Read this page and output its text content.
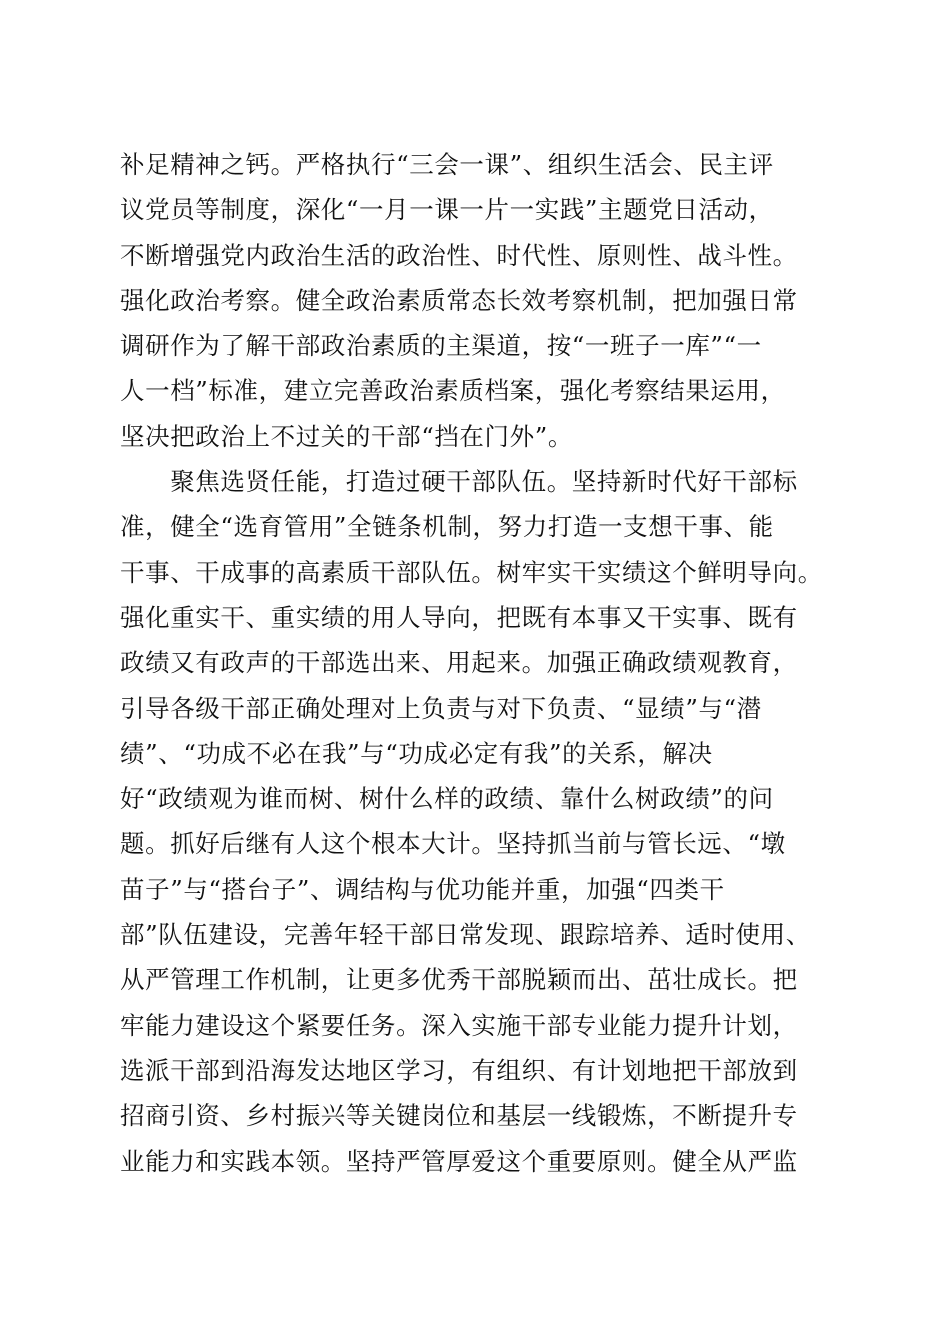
补足精神之钙。严格执行“三会一课”、组织生活会、民主评
议党员等制度，深化“一月一课一片一实践”主题党日活动，
不断增强党内政治生活的政治性、时代性、原则性、战斗性。
强化政治考察。健全政治素质常态长效考察机制，把加强日常
调研作为了解干部政治素质的主渠道，按“一班子一库”“一
人一档”标准，建立完善政治素质档案，强化考察结果运用，
坚决把政治上不过关的干部“挡在门外”。
　　聚焦选贤任能，打造过硬干部队伍。坚持新时代好干部标
准，健全“选育管用”全链条机制，努力打造一支想干事、能
干事、干成事的高素质干部队伍。树牢实干实绩这个鲜明导向。
强化重实干、重实绩的用人导向，把既有本事又干实事、既有
政绩又有政声的干部选出来、用起来。加强正确政绩观教育，
引导各级干部正确处理对上负责与对下负责、“显绩”与“潜
绩”、“功成不必在我”与“功成必定有我”的关系，解决
好“政绩观为谁而树、树什么样的政绩、靠什么树政绩”的问
题。抓好后继有人这个根本大计。坚持抓当前与管长远、“墩
苗子”与“搭台子”、调结构与优功能并重，加强“四类干
部”队伍建设，完善年轻干部日常发现、跟踪培养、适时使用、
从严管理工作机制，让更多优秀干部脱颖而出、茁壮成长。把
牢能力建设这个紧要任务。深入实施干部专业能力提升计划，
选派干部到沿海发达地区学习，有组织、有计划地把干部放到
招商引资、乡村振兴等关键岗位和基层一线锻炼，不断提升专
业能力和实践本领。坚持严管厚爱这个重要原则。健全从严监
